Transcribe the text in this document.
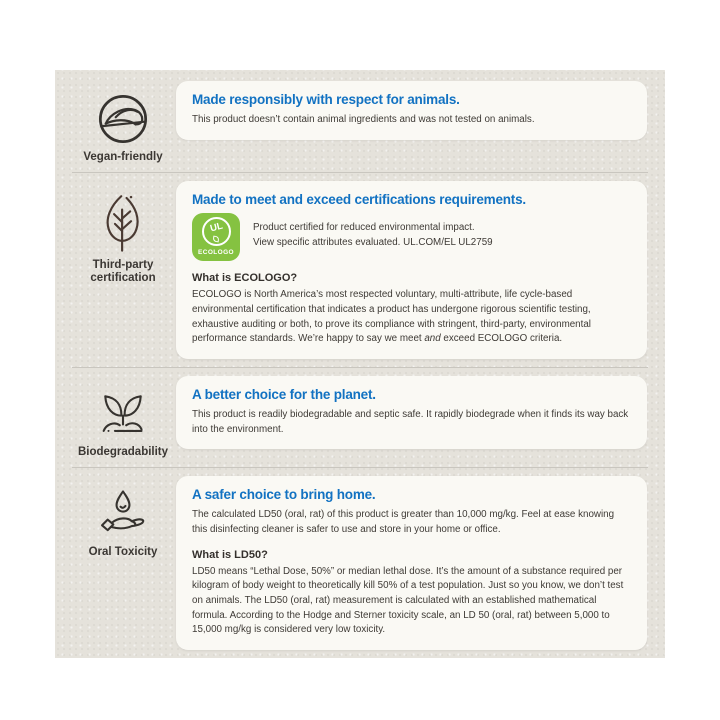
Vegan-friendly
Made responsibly with respect for animals.

This product doesn’t contain animal ingredients and was not tested on animals.

Third-party certification
Made to meet and exceed certifications requirements.
UL
ECOLOGO

Product certified for reduced environmental impact.

View specific attributes evaluated. UL.COM/EL UL2759

What is ECOLOGO?

ECOLOGO is North America’s most respected voluntary, multi-attribute, life cycle-based environmental certification that indicates a product has undergone rigorous scientific testing, exhaustive auditing or both, to prove its compliance with stringent, third-party, environmental performance standards. We’re happy to say we meet and exceed ECOLOGO criteria.

Biodegradability
A better choice for the planet.

This product is readily biodegradable and septic safe. It rapidly biodegrade when it finds its way back into the environment.

Oral Toxicity
A safer choice to bring home.

The calculated LD50 (oral, rat) of this product is greater than 10,000 mg/kg. Feel at ease knowing this disinfecting cleaner is safer to use and store in your home or office.

What is LD50?

LD50 means “Lethal Dose, 50%” or median lethal dose. It’s the amount of a substance required per kilogram of body weight to theoretically kill 50% of a test population. Just so you know, we don’t test on animals. The LD50 (oral, rat) measurement is calculated with an established mathematical formula. According to the Hodge and Sterner toxicity scale, an LD 50 (oral, rat) between 5,000 to 15,000 mg/kg is considered very low toxicity.
